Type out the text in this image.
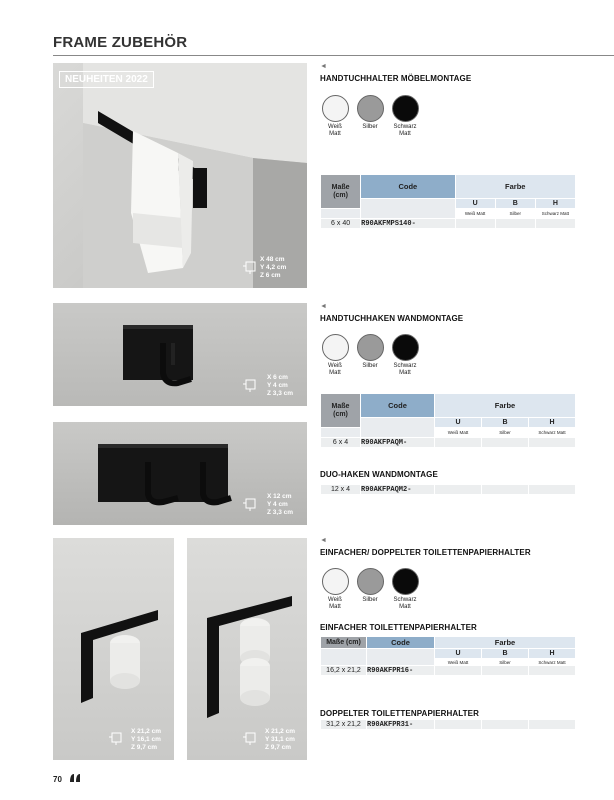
FRAME ZUBEHÖR
NEUHEITEN 2022
X 48 cm
Y 4,2 cm
Z 6 cm
X 6 cm
Y 4 cm
Z 3,3 cm
X 12 cm
Y 4 cm
Z 3,3 cm
X 21,2 cm
Y 16,1 cm
Z 9,7 cm
X 21,2 cm
Y 31,1 cm
Z 9,7 cm
◄
HANDTUCHHALTER MÖBELMONTAGE
Weiß
Matt
Silber	Schwarz
Matt
Maße
(cm)	Code	Farbe		
		U	B	H
		Weiß Matt	Silber	Schwarz Matt
6 x 40	R90AKFMPS140-			
◄
HANDTUCHHAKEN WANDMONTAGE
Weiß
Matt
Silber	Schwarz
Matt
Maße
(cm)	Code	Farbe		
		U	B	H
		Weiß Matt	Silber	Schwarz Matt
6 x 4	R90AKFPAQM-			
DUO-HAKEN WANDMONTAGE
12 x 4	R90AKFPAQM2-			
◄
EINFACHER/ DOPPELTER TOILETTENPAPIERHALTER
Weiß
Matt
Silber	Schwarz
Matt
EINFACHER TOILETTENPAPIERHALTER
Maße (cm)	Code	Farbe		
		U	B	H
		Weiß Matt	Silber	Schwarz Matt
16,2 x 21,2	R90AKFPR16-			
DOPPELTER TOILETTENPAPIERHALTER
31,2 x 21,2	R90AKFPR31-			
70
